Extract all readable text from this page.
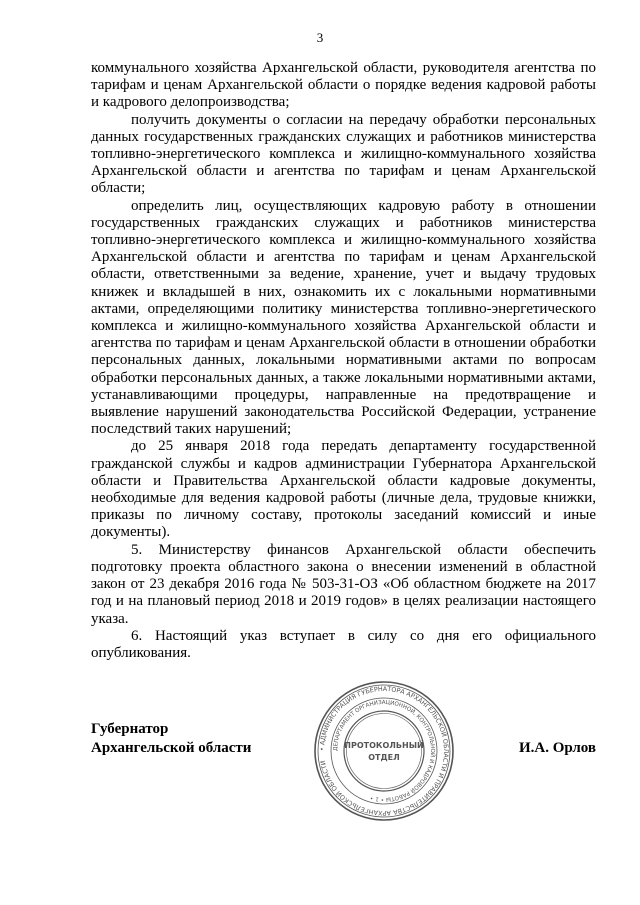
3

коммунального хозяйства Архангельской области, руководителя агентства по тарифам и ценам Архангельской области о порядке ведения кадровой работы и кадрового делопроизводства;

получить документы о согласии на передачу обработки персональных данных государственных гражданских служащих и работников министерства топливно-энергетического комплекса и жилищно-коммунального хозяйства Архангельской области и агентства по тарифам и ценам Архангельской области;

определить лиц, осуществляющих кадровую работу в отношении государственных гражданских служащих и работников министерства топливно-энергетического комплекса и жилищно-коммунального хозяйства Архангельской области и агентства по тарифам и ценам Архангельской области, ответственными за ведение, хранение, учет и выдачу трудовых книжек и вкладышей в них, ознакомить их с локальными нормативными актами, определяющими политику министерства топливно-энергетического комплекса и жилищно-коммунального хозяйства Архангельской области и агентства по тарифам и ценам Архангельской области в отношении обработки персональных данных, локальными нормативными актами по вопросам обработки персональных данных, а также локальными нормативными актами, устанавливающими процедуры, направленные на предотвращение и выявление нарушений законодательства Российской Федерации, устранение последствий таких нарушений;

до 25 января 2018 года передать департаменту государственной гражданской службы и кадров администрации Губернатора Архангельской области и Правительства Архангельской области кадровые документы, необходимые для ведения кадровой работы (личные дела, трудовые книжки, приказы по личному составу, протоколы заседаний комиссий и иные документы).

5. Министерству финансов Архангельской области обеспечить подготовку проекта областного закона о внесении изменений в областной закон от 23 декабря 2016 года № 503-31-ОЗ «Об областном бюджете на 2017 год и на плановый период 2018 и 2019 годов» в целях реализации настоящего указа.

6. Настоящий указ вступает в силу со дня его официального опубликования.

Губернатор
Архангельской области	И.А. Орлов
• АДМИНИСТРАЦИЯ ГУБЕРНАТОРА АРХАНГЕЛЬСКОЙ ОБЛАСТИ И ПРАВИТЕЛЬСТВА АРХАНГЕЛЬСКОЙ ОБЛАСТИ
ДЕПАРТАМЕНТ ОРГАНИЗАЦИОННОЙ, КОНТРОЛЬНОЙ И КАДРОВОЙ РАБОТЫ • 1 •
ПРОТОКОЛЬНЫЙ
ОТДЕЛ
